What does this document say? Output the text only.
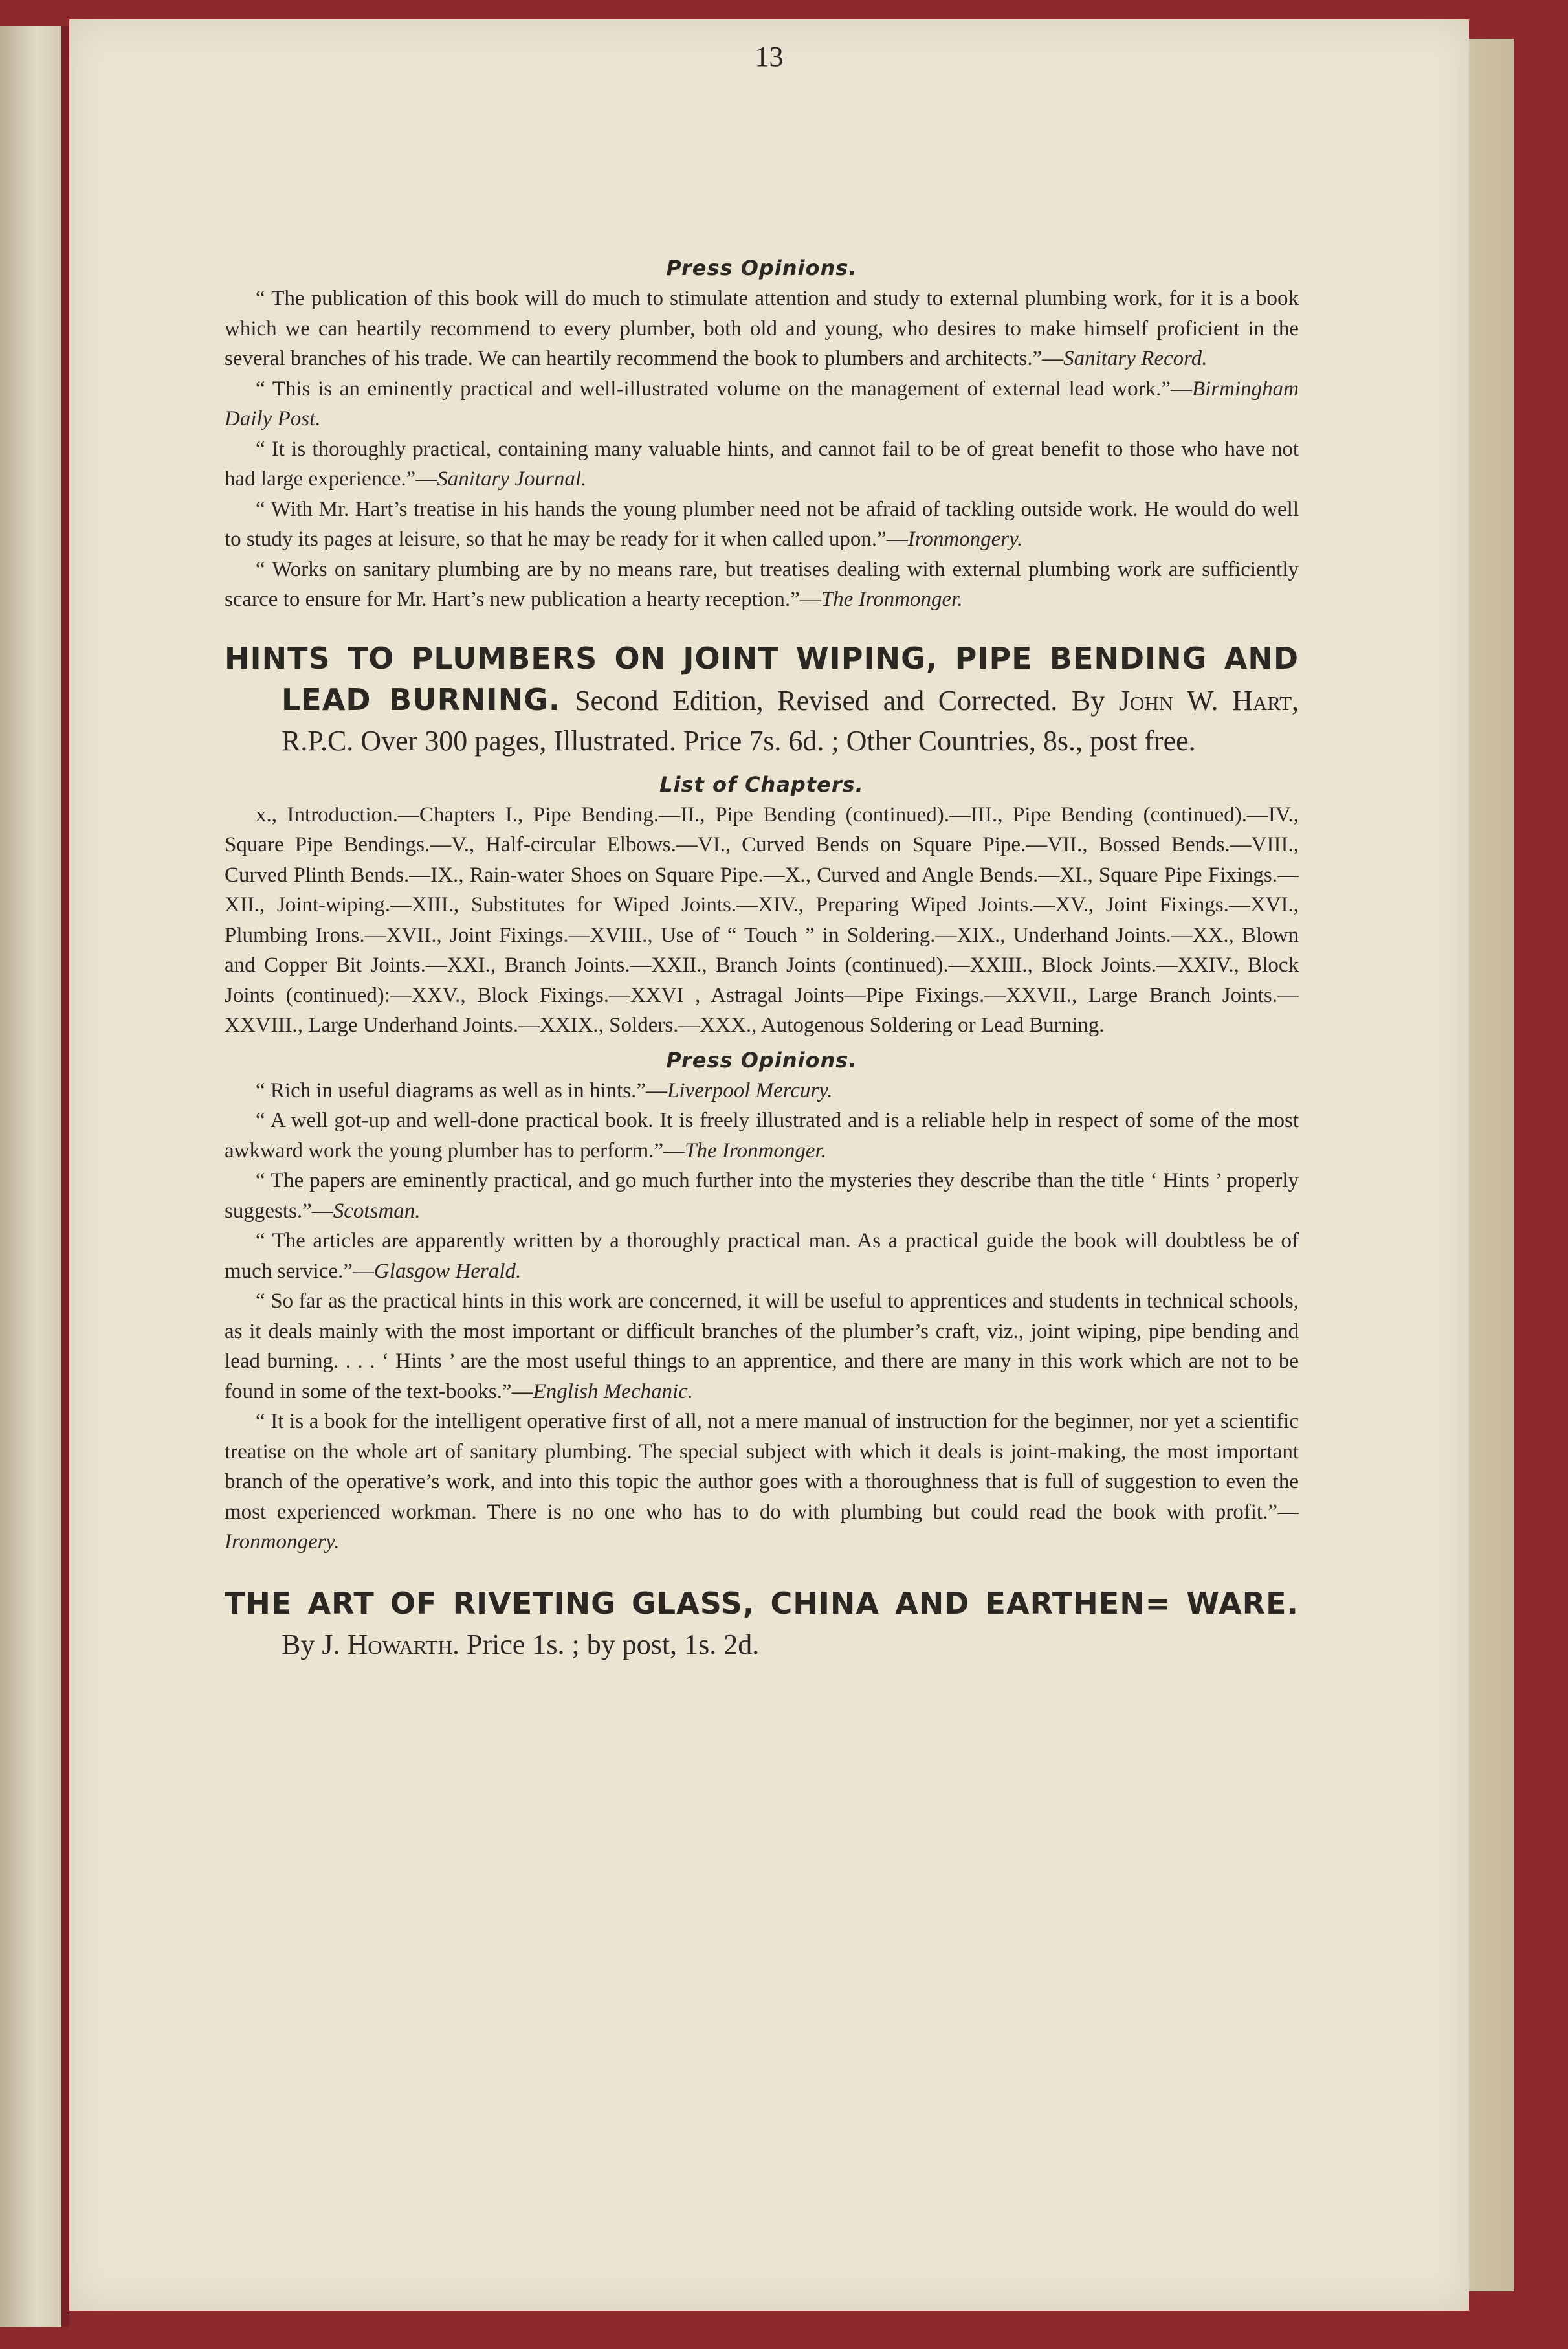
13
Press Opinions.

“ The publication of this book will do much to stimulate attention and study to external plumbing work, for it is a book which we can heartily recommend to every plumber, both old and young, who desires to make himself proficient in the several branches of his trade. We can heartily recommend the book to plumbers and architects.”—Sanitary Record.

“ This is an eminently practical and well-illustrated volume on the management of external lead work.”—Birmingham Daily Post.

“ It is thoroughly practical, containing many valuable hints, and cannot fail to be of great benefit to those who have not had large experience.”—Sanitary Journal.

“ With Mr. Hart’s treatise in his hands the young plumber need not be afraid of tackling outside work. He would do well to study its pages at leisure, so that he may be ready for it when called upon.”—Ironmongery.

“ Works on sanitary plumbing are by no means rare, but treatises dealing with external plumbing work are sufficiently scarce to ensure for Mr. Hart’s new publication a hearty reception.”—The Ironmonger.

HINTS TO PLUMBERS ON JOINT WIPING, PIPE BENDING AND LEAD BURNING. Second Edition, Revised and Corrected. By John W. Hart, R.P.C. Over 300 pages, Illustrated. Price 7s. 6d. ; Other Countries, 8s., post free.
List of Chapters.

x., Introduction.—Chapters I., Pipe Bending.—II., Pipe Bending (continued).—III., Pipe Bending (continued).—IV., Square Pipe Bendings.—V., Half-circular Elbows.—VI., Curved Bends on Square Pipe.—VII., Bossed Bends.—VIII., Curved Plinth Bends.—IX., Rain-water Shoes on Square Pipe.—X., Curved and Angle Bends.—XI., Square Pipe Fixings.—XII., Joint-wiping.—XIII., Substitutes for Wiped Joints.—XIV., Preparing Wiped Joints.—XV., Joint Fixings.—XVI., Plumbing Irons.—XVII., Joint Fixings.—XVIII., Use of “ Touch ” in Soldering.—XIX., Underhand Joints.—XX., Blown and Copper Bit Joints.—XXI., Branch Joints.—XXII., Branch Joints (continued).—XXIII., Block Joints.—XXIV., Block Joints (continued):—XXV., Block Fixings.—XXVI , Astragal Joints—Pipe Fixings.—XXVII., Large Branch Joints.—XXVIII., Large Underhand Joints.—XXIX., Solders.—XXX., Autogenous Soldering or Lead Burning.

Press Opinions.

“ Rich in useful diagrams as well as in hints.”—Liverpool Mercury.

“ A well got-up and well-done practical book. It is freely illustrated and is a reliable help in respect of some of the most awkward work the young plumber has to perform.”—The Ironmonger.

“ The papers are eminently practical, and go much further into the mysteries they describe than the title ‘ Hints ’ properly suggests.”—Scotsman.

“ The articles are apparently written by a thoroughly practical man. As a practical guide the book will doubtless be of much service.”—Glasgow Herald.

“ So far as the practical hints in this work are concerned, it will be useful to apprentices and students in technical schools, as it deals mainly with the most important or difficult branches of the plumber’s craft, viz., joint wiping, pipe bending and lead burning. . . . ‘ Hints ’ are the most useful things to an apprentice, and there are many in this work which are not to be found in some of the text-books.”—English Mechanic.

“ It is a book for the intelligent operative first of all, not a mere manual of instruction for the beginner, nor yet a scientific treatise on the whole art of sanitary plumbing. The special subject with which it deals is joint-making, the most important branch of the operative’s work, and into this topic the author goes with a thoroughness that is full of suggestion to even the most experienced workman. There is no one who has to do with plumbing but could read the book with profit.”—Ironmongery.

THE ART OF RIVETING GLASS, CHINA AND EARTHEN= WARE. By J. Howarth. Price 1s. ; by post, 1s. 2d.
